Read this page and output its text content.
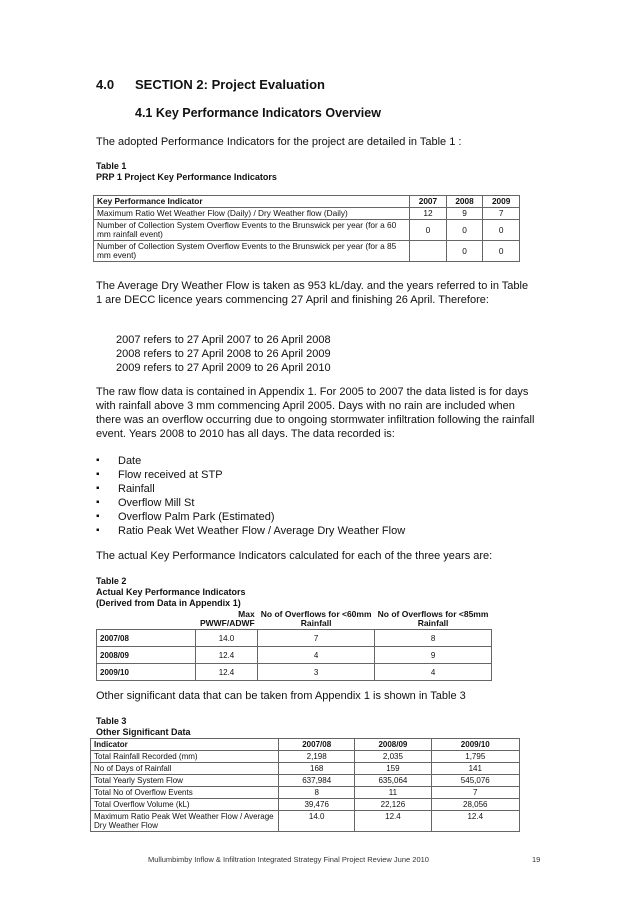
4.0 SECTION 2: Project Evaluation
4.1 Key Performance Indicators Overview
The adopted Performance Indicators for the project are detailed in Table 1 :
Table 1
PRP 1 Project Key Performance Indicators
Key Performance Indicator	2007	2008	2009
Maximum Ratio Wet Weather Flow (Daily) / Dry Weather flow (Daily)	12	9	7
Number of Collection System Overflow Events to the Brunswick per year (for a 60 mm rainfall event)	0	0	0
Number of Collection System Overflow Events to the Brunswick per year (for a 85 mm event)		0	0
The Average Dry Weather Flow is taken as 953 kL/day. and the years referred to in Table 1 are DECC licence years commencing 27 April and finishing 26 April. Therefore:
2007 refers to 27 April 2007 to 26 April 2008
2008 refers to 27 April 2008 to 26 April 2009
2009 refers to 27 April 2009 to 26 April 2010
The raw flow data is contained in Appendix 1. For 2005 to 2007 the data listed is for days with rainfall above 3 mm commencing April 2005. Days with no rain are included when there was an overflow occurring due to ongoing stormwater infiltration following the rainfall event. Years 2008 to 2010 has all days. The data recorded is:
▪ Date
▪ Flow received at STP
▪ Rainfall
▪ Overflow Mill St
▪ Overflow Palm Park (Estimated)
▪ Ratio Peak Wet Weather Flow / Average Dry Weather Flow
The actual Key Performance Indicators calculated for each of the three years are:
Table 2
Actual Key Performance Indicators
(Derived from Data in Appendix 1)
	Max PWWF/ADWF	No of Overflows for <60mm Rainfall	No of Overflows for <85mm Rainfall
2007/08	14.0	7	8
2008/09	12.4	4	9
2009/10	12.4	3	4
Other significant data that can be taken from Appendix 1 is shown in Table 3
Table 3
Other Significant Data
Indicator	2007/08	2008/09	2009/10
Total Rainfall Recorded (mm)	2,198	2,035	1,795
No of Days of Rainfall	168	159	141
Total Yearly System Flow	637,984	635,064	545,076
Total No of Overflow Events	8	11	7
Total Overflow Volume (kL)	39,476	22,126	28,056
Maximum Ratio Peak Wet Weather Flow / Average Dry Weather Flow	14.0	12.4	12.4
Mullumbimby Inflow & Infiltration Integrated Strategy Final Project Review June 2010	19
